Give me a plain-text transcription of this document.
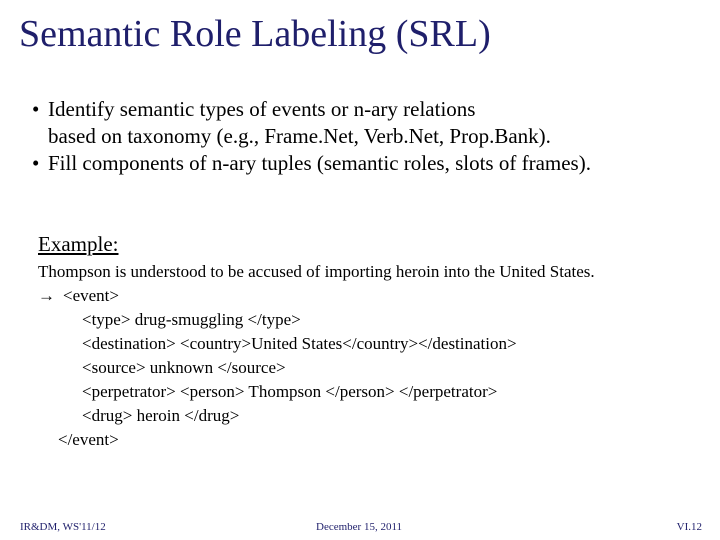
Semantic Role Labeling (SRL)
• Identify semantic types of events or n-ary relations
based on taxonomy (e.g., Frame.Net, Verb.Net, Prop.Bank).
• Fill components of n-ary tuples (semantic roles, slots of frames).
Example:
Thompson is understood to be accused of importing heroin into the United States.
→ <event>
<type> drug-smuggling </type>
<destination> <country>United States</country></destination>
<source> unknown </source>
<perpetrator> <person> Thompson </person> </perpetrator>
<drug> heroin </drug>
</event>
IR&DM, WS'11/12	December 15, 2011	VI.12
